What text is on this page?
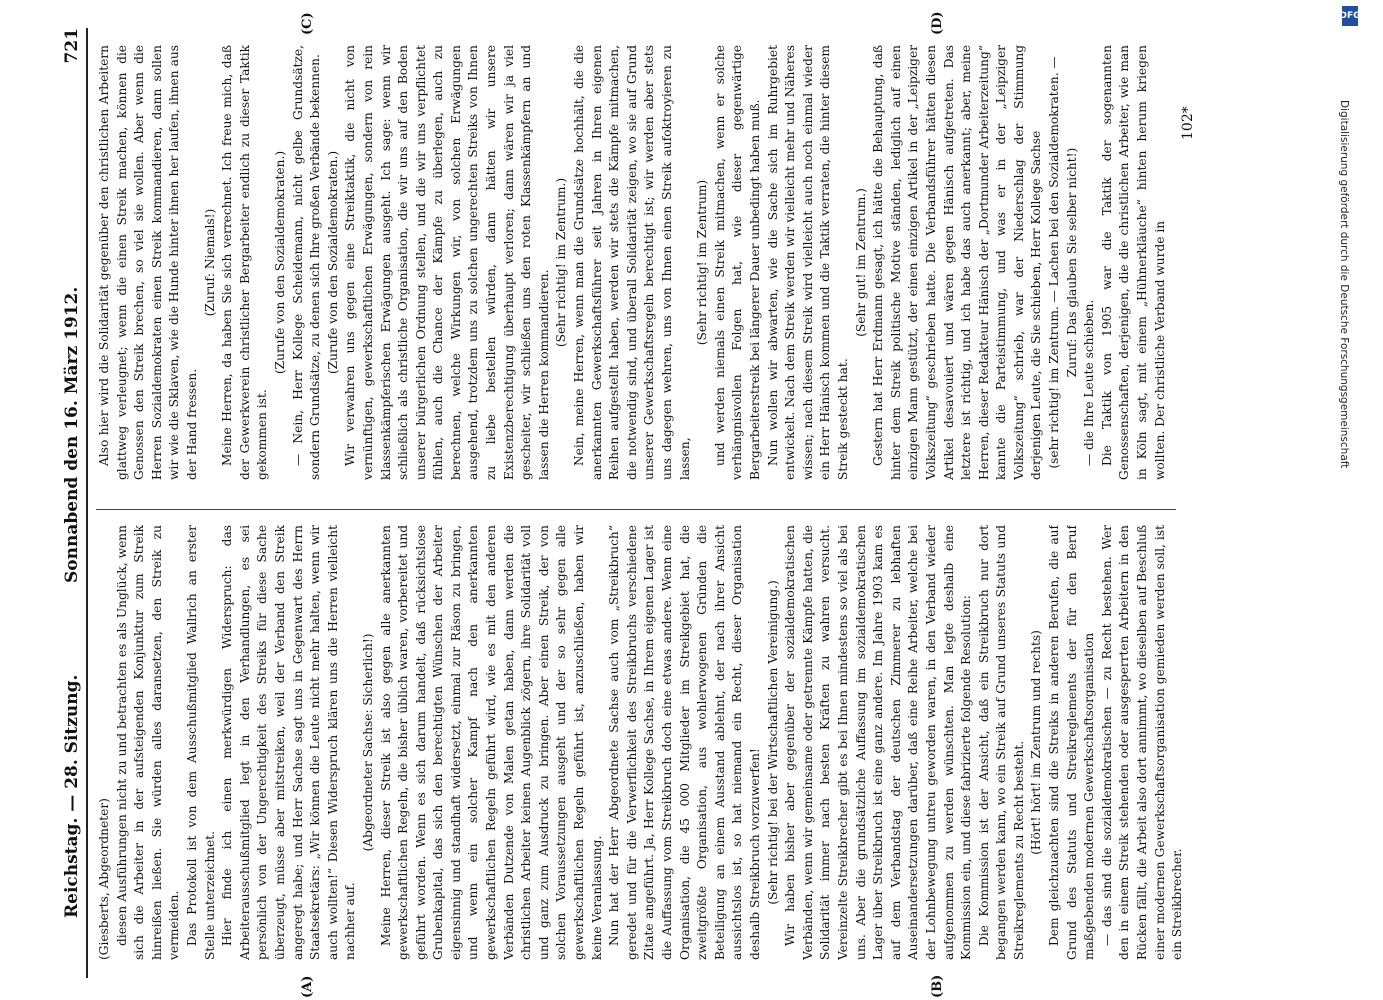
Reichstag. — 28. Sitzung.
Sonnabend den 16. März 1912.
721
(A)	(B)
(C)	(D)

(Giesberts, Abgeordneter) diesen Ausführungen nicht zu und betrachten es als Unglück, wenn sich die Arbeiter in der aufsteigenden Konjunktur zum Streik hinreißen ließen. Sie würden alles daransetzen, den Streik zu vermeiden. Das Protokoll ist von dem Ausschußmitglied Wallrich an erster Stelle unterzeichnet. Hier finde ich einen merkwürdigen Widerspruch: das Arbeiterausschußmitglied legt in den Verhandlungen, es sei persönlich von der Ungerechtigkeit des Streiks für diese Sache überzeugt, müsse aber mitstreiken, weil der Verband den Streik angeregt habe; und Herr Sachse sagt uns in Gegenwart des Herrn Staatsekretärs: „Wir können die Leute nicht mehr halten, wenn wir auch wollten!“ Diesen Widerspruch klären uns die Herren vielleicht nachher auf.

(Abgeordneter Sachse: Sicherlich!) Meine Herren, dieser Streik ist also gegen alle anerkannten gewerkschaftlichen Regeln, die bisher üblich waren, vorbereitet und geführt worden. Wenn es sich darum handelt, daß rücksichtslose Grubenkapital, das sich den berechtigten Wünschen der Arbeiter eigensinnig und standhaft widersetzt, einmal zur Räson zu bringen, und wenn ein solcher Kampf nach den anerkannten gewerkschaftlichen Regeln geführt wird, wie es mit den anderen Verbänden Dutzende von Malen getan haben, dann werden die christlichen Arbeiter keinen Augenblick zögern, ihre Solidarität voll und ganz zum Ausdruck zu bringen. Aber einen Streik, der von solchen Voraussetzungen ausgeht und der so sehr gegen alle gewerkschaftlichen Regeln geführt ist, anzuschließen, haben wir keine Veranlassung. Nun hat der Herr Abgeordnete Sachse auch vom „Streikbruch“ geredet und für die Verwerflichkeit des Streikbruchs verschiedene Zitate angeführt. Ja, Herr Kollege Sachse, in Ihrem eigenen Lager ist die Auffassung vom Streikbruch doch eine etwas andere. Wenn eine Organisation, die 45 000 Mitglieder im Streikgebiet hat, die zweitgrößte Organisation, aus wohlerwogenen Gründen die Beteiligung an einem Ausstand ablehnt, der nach ihrer Ansicht aussichtslos ist, so hat niemand ein Recht, dieser Organisation deshalb Streikbruch vorzuwerfen! (Sehr richtig! bei der Wirtschaftlichen Vereinigung.) Wir haben bisher aber gegenüber der sozialdemokratischen Verbänden, wenn wir gemeinsame oder getrennte Kämpfe hatten, die Solidarität immer nach besten Kräften zu wahren versucht. Vereinzelte Streikbrecher gibt es bei Ihnen mindestens so viel als bei uns. Aber die grundsätzliche Auffassung im sozialdemokratischen Lager über Streikbruch ist eine ganz andere. Im Jahre 1903 kam es auf dem Verbandstag der deutschen Zimmerer zu lebhaften Auseinandersetzungen darüber, daß eine Reihe Arbeiter, welche bei der Lohnbewegung untreu geworden waren, in den Verband wieder aufgenommen zu werden wünschten. Man legte deshalb eine Kommission ein, und diese fabrizierte folgende Resolution: Die Kommission ist der Ansicht, daß ein Streikbruch nur dort begangen werden kann, wo ein Streik auf Grund unseres Statuts und Streikreglements zu Recht besteht. (Hört! hört! im Zentrum und rechts) Dem gleichzuachten sind die Streiks in anderen Berufen, die auf Grund des Statuts und Streikreglements der für den Beruf maßgebenden modernen Gewerkschaftsorganisation — das sind die sozialdemokratischen — zu Recht bestehen. Wer den in einem Streik stehenden oder ausgesperrten Arbeitern in den Rücken fällt, die Arbeit also dort annimmt, wo dieselben auf Beschluß einer modernen Gewerkschaftsorganisation gemieden werden soll, ist ein Streikbrecher.

Also hier wird die Solidarität gegenüber den christlichen Arbeitern glattweg verleugnet; wenn die einen Streik machen, können die Genossen den Streik brechen, so viel sie wollen. Aber wenn die Herren Sozialdemokraten einen Streik kommandieren, dann sollen wir wie die Sklaven, wie die Hunde hinter ihnen her laufen, ihnen aus der Hand fressen.

(Zuruf: Niemals!) Meine Herren, da haben Sie sich verrechnet. Ich freue mich, daß der Gewerkverein christlicher Bergarbeiter endlich zu dieser Taktik gekommen ist.

(Zurufe von den Sozialdemokraten.) — Nein, Herr Kollege Scheidemann, nicht gelbe Grundsätze, sondern Grundsätze, zu denen sich Ihre großen Verbände bekennen. (Zurufe von den Sozialdemokraten.) Wir verwahren uns gegen eine Streiktaktik, die nicht von vernünftigen, gewerkschaftlichen Erwägungen, sondern von rein klassenkämpferischen Erwägungen ausgeht. Ich sage: wenn wir schließlich als christliche Organisation, die wir uns auf den Boden unserer bürgerlichen Ordnung stellen, und die wir uns verpflichtet fühlen, auch die Chance der Kämpfe zu überlegen, auch zu berechnen, welche Wirkungen wir, von solchen Erwägungen ausgehend, trotzdem uns zu solchen ungerechten Streiks von Ihnen zu liebe bestellen würden, dann hätten wir unsere Existenzberechtigung überhaupt verloren; dann wären wir ja viel gescheiter, wir schließen uns den roten Klassenkämpfern an und lassen die Herren kommandieren.

(Sehr richtig! im Zentrum.) Nein, meine Herren, wenn man die Grundsätze hochhält, die die anerkannten Gewerkschaftsführer seit Jahren in Ihren eigenen Reihen aufgestellt haben, werden wir stets die Kämpfe mitmachen, die notwendig sind, und überall Solidarität zeigen, wo sie auf Grund unserer Gewerkschaftsregeln berechtigt ist; wir werden aber stets uns dagegen wehren, uns von Ihnen einen Streik aufoktroyieren zu lassen,

(Sehr richtig! im Zentrum) und werden niemals einen Streik mitmachen, wenn er solche verhängnisvollen Folgen hat, wie dieser gegenwärtige Bergarbeiterstreik bei längerer Dauer unbedingt haben muß. Nun wollen wir abwarten, wie die Sache sich im Ruhrgebiet entwickelt. Nach dem Streik werden wir vielleicht mehr und Näheres wissen; nach diesem Streik wird vielleicht auch noch einmal wieder ein Herr Hänisch kommen und die Taktik verraten, die hinter diesem Streik gesteckt hat.

(Sehr gut! im Zentrum.) Gestern hat Herr Erdmann gesagt, ich hätte die Behauptung, daß hinter dem Streik politische Motive ständen, lediglich auf einen einzigen Mann gestützt, der einen einzigen Artikel in der „Leipziger Volkszeitung“ geschrieben hatte. Die Verbandsführer hätten diesen Artikel desavouiert und wären gegen Hänisch aufgetreten. Das letztere ist richtig, und ich habe das auch anerkannt; aber, meine Herren, dieser Redakteur Hänisch der „Dortmunder Arbeiterzeitung“ kannte die Parteistimmung, und was er in der „Leipziger Volkszeitung“ schrieb, war der Niederschlag der Stimmung derjenigen Leute, die Sie schieben, Herr Kollege Sachse (sehr richtig! im Zentrum. — Lachen bei den Sozialdemokraten. — Zuruf: Das glauben Sie selber nicht!)

— die Ihre Leute schieben. Die Taktik von 1905 war die Taktik der sogenannten Genossenschaften, derjenigen, die die christlichen Arbeiter, wie man in Köln sagt, mit einem „Hühnerkläuche“ hinten herum kriegen wollten. Der christliche Verband wurde in

102*
DFG
Digitalisierung gefördert durch die Deutsche Forschungsgemeinschaft
